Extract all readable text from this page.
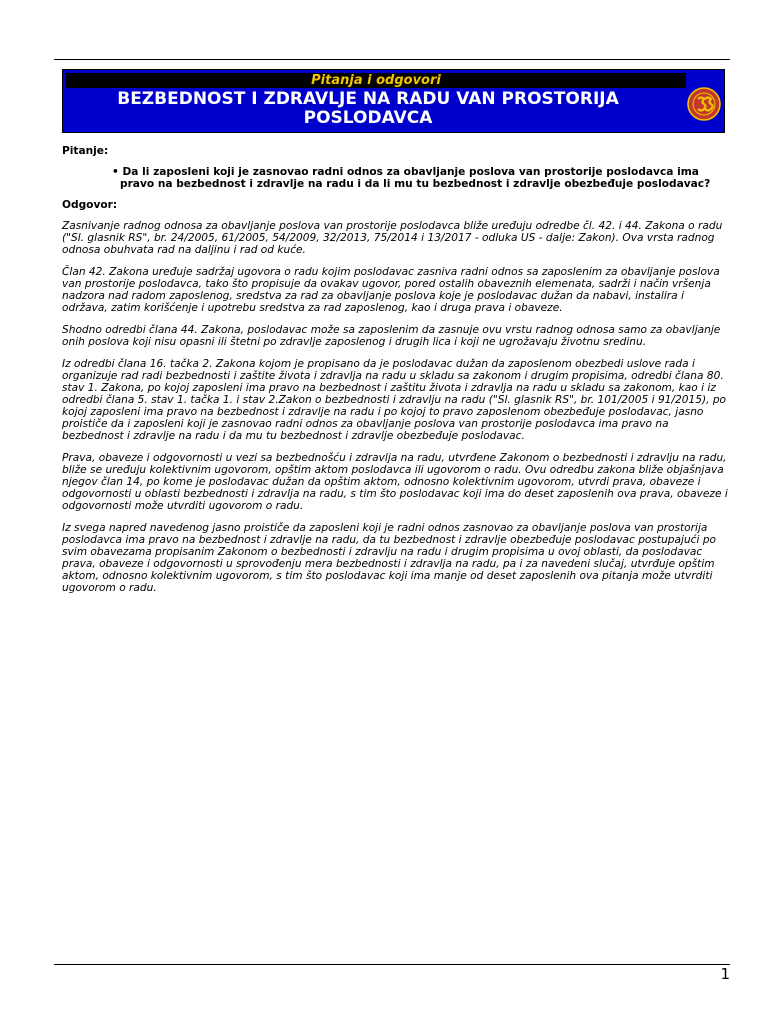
Pitanja i odgovori
BEZBEDNOST I ZDRAVLJE NA RADU VAN PROSTORIJA POSLODAVCA

Pitanje:

• Da li zaposleni koji je zasnovao radni odnos za obavljanje poslova van prostorije poslodavca ima pravo na bezbednost i zdravlje na radu i da li mu tu bezbednost i zdravlje obezbeđuje poslodavac?

Odgovor:

Zasnivanje radnog odnosa za obavljanje poslova van prostorije poslodavca bliže uređuju odredbe čl. 42. i 44. Zakona o radu ("Sl. glasnik RS", br. 24/2005, 61/2005, 54/2009, 32/2013, 75/2014 i 13/2017 - odluka US - dalje: Zakon). Ova vrsta radnog odnosa obuhvata rad na daljinu i rad od kuće.

Član 42. Zakona uređuje sadržaj ugovora o radu kojim poslodavac zasniva radni odnos sa zaposlenim za obavljanje poslova van prostorije poslodavca, tako što propisuje da ovakav ugovor, pored ostalih obaveznih elemenata, sadrži i način vršenja nadzora nad radom zaposlenog, sredstva za rad za obavljanje poslova koje je poslodavac dužan da nabavi, instalira i održava, zatim korišćenje i upotrebu sredstva za rad zaposlenog, kao i druga prava i obaveze.

Shodno odredbi člana 44. Zakona, poslodavac može sa zaposlenim da zasnuje ovu vrstu radnog odnosa samo za obavljanje onih poslova koji nisu opasni ili štetni po zdravlje zaposlenog i drugih lica i koji ne ugrožavaju životnu sredinu.

Iz odredbi člana 16. tačka 2. Zakona kojom je propisano da je poslodavac dužan da zaposlenom obezbedi uslove rada i organizuje rad radi bezbednosti i zaštite života i zdravlja na radu u skladu sa zakonom i drugim propisima, odredbi člana 80. stav 1. Zakona, po kojoj zaposleni ima pravo na bezbednost i zaštitu života i zdravlja na radu u skladu sa zakonom, kao i iz odredbi člana 5. stav 1. tačka 1. i stav 2.Zakon o bezbednosti i zdravlju na radu ("Sl. glasnik RS", br. 101/2005 i 91/2015), po kojoj zaposleni ima pravo na bezbednost i zdravlje na radu i po kojoj to pravo zaposlenom obezbeđuje poslodavac, jasno proističe da i zaposleni koji je zasnovao radni odnos za obavljanje poslova van prostorije poslodavca ima pravo na bezbednost i zdravlje na radu i da mu tu bezbednost i zdravlje obezbeđuje poslodavac.

Prava, obaveze i odgovornosti u vezi sa bezbednošću i zdravlja na radu, utvrđene Zakonom o bezbednosti i zdravlju na radu, bliže se uređuju kolektivnim ugovorom, opštim aktom poslodavca ili ugovorom o radu. Ovu odredbu zakona bliže objašnjava njegov član 14, po kome je poslodavac dužan da opštim aktom, odnosno kolektivnim ugovorom, utvrdi prava, obaveze i odgovornosti u oblasti bezbednosti i zdravlja na radu, s tim što poslodavac koji ima do deset zaposlenih ova prava, obaveze i odgovornosti može utvrditi ugovorom o radu.

Iz svega napred navedenog jasno proističe da zaposleni koji je radni odnos zasnovao za obavljanje poslova van prostorija poslodavca ima pravo na bezbednost i zdravlje na radu, da tu bezbednost i zdravlje obezbeđuje poslodavac postupajući po svim obavezama propisanim Zakonom o bezbednosti i zdravlju na radu i drugim propisima u ovoj oblasti, da poslodavac prava, obaveze i odgovornosti u sprovođenju mera bezbednosti i zdravlja na radu, pa i za navedeni slučaj, utvrđuje opštim aktom, odnosno kolektivnim ugovorom, s tim što poslodavac koji ima manje od deset zaposlenih ova pitanja može utvrditi ugovorom o radu.

1
